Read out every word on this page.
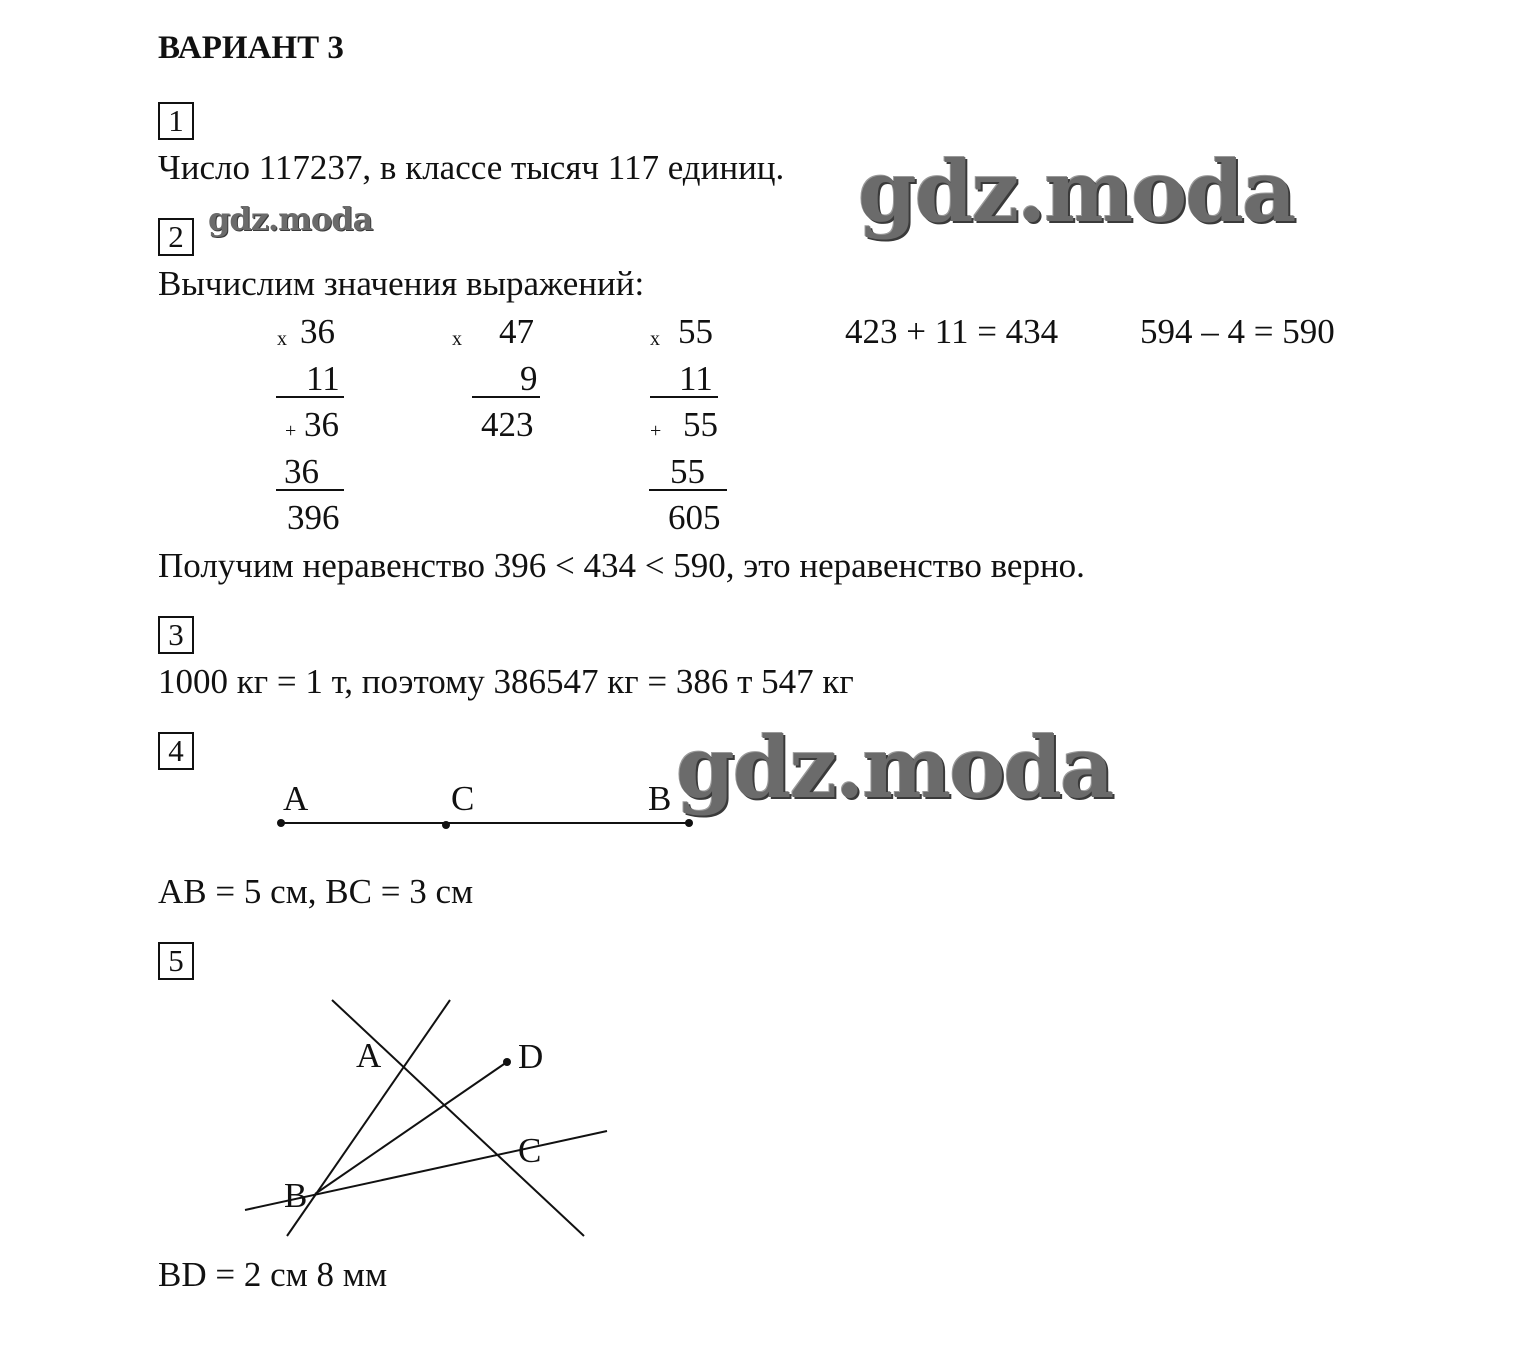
ВАРИАНТ 3
1
Число 117237, в классе тысяч 117 единиц.
2
Вычислим значения выражений:
x 36
11
+ 36
36
396
x 47
9
423
x 55
11
+ 55
55
605
423 + 11 = 434 594 – 4 = 590
Получим неравенство 396 < 434 < 590, это неравенство верно.
3
1000 кг = 1 т, поэтому 386547 кг = 386 т 547 кг
4
A	C	B
AB = 5 см, BC = 3 см
5
A	D
C
B
BD = 2 см 8 мм
gdz.moda
gdz.moda
gdz.moda
